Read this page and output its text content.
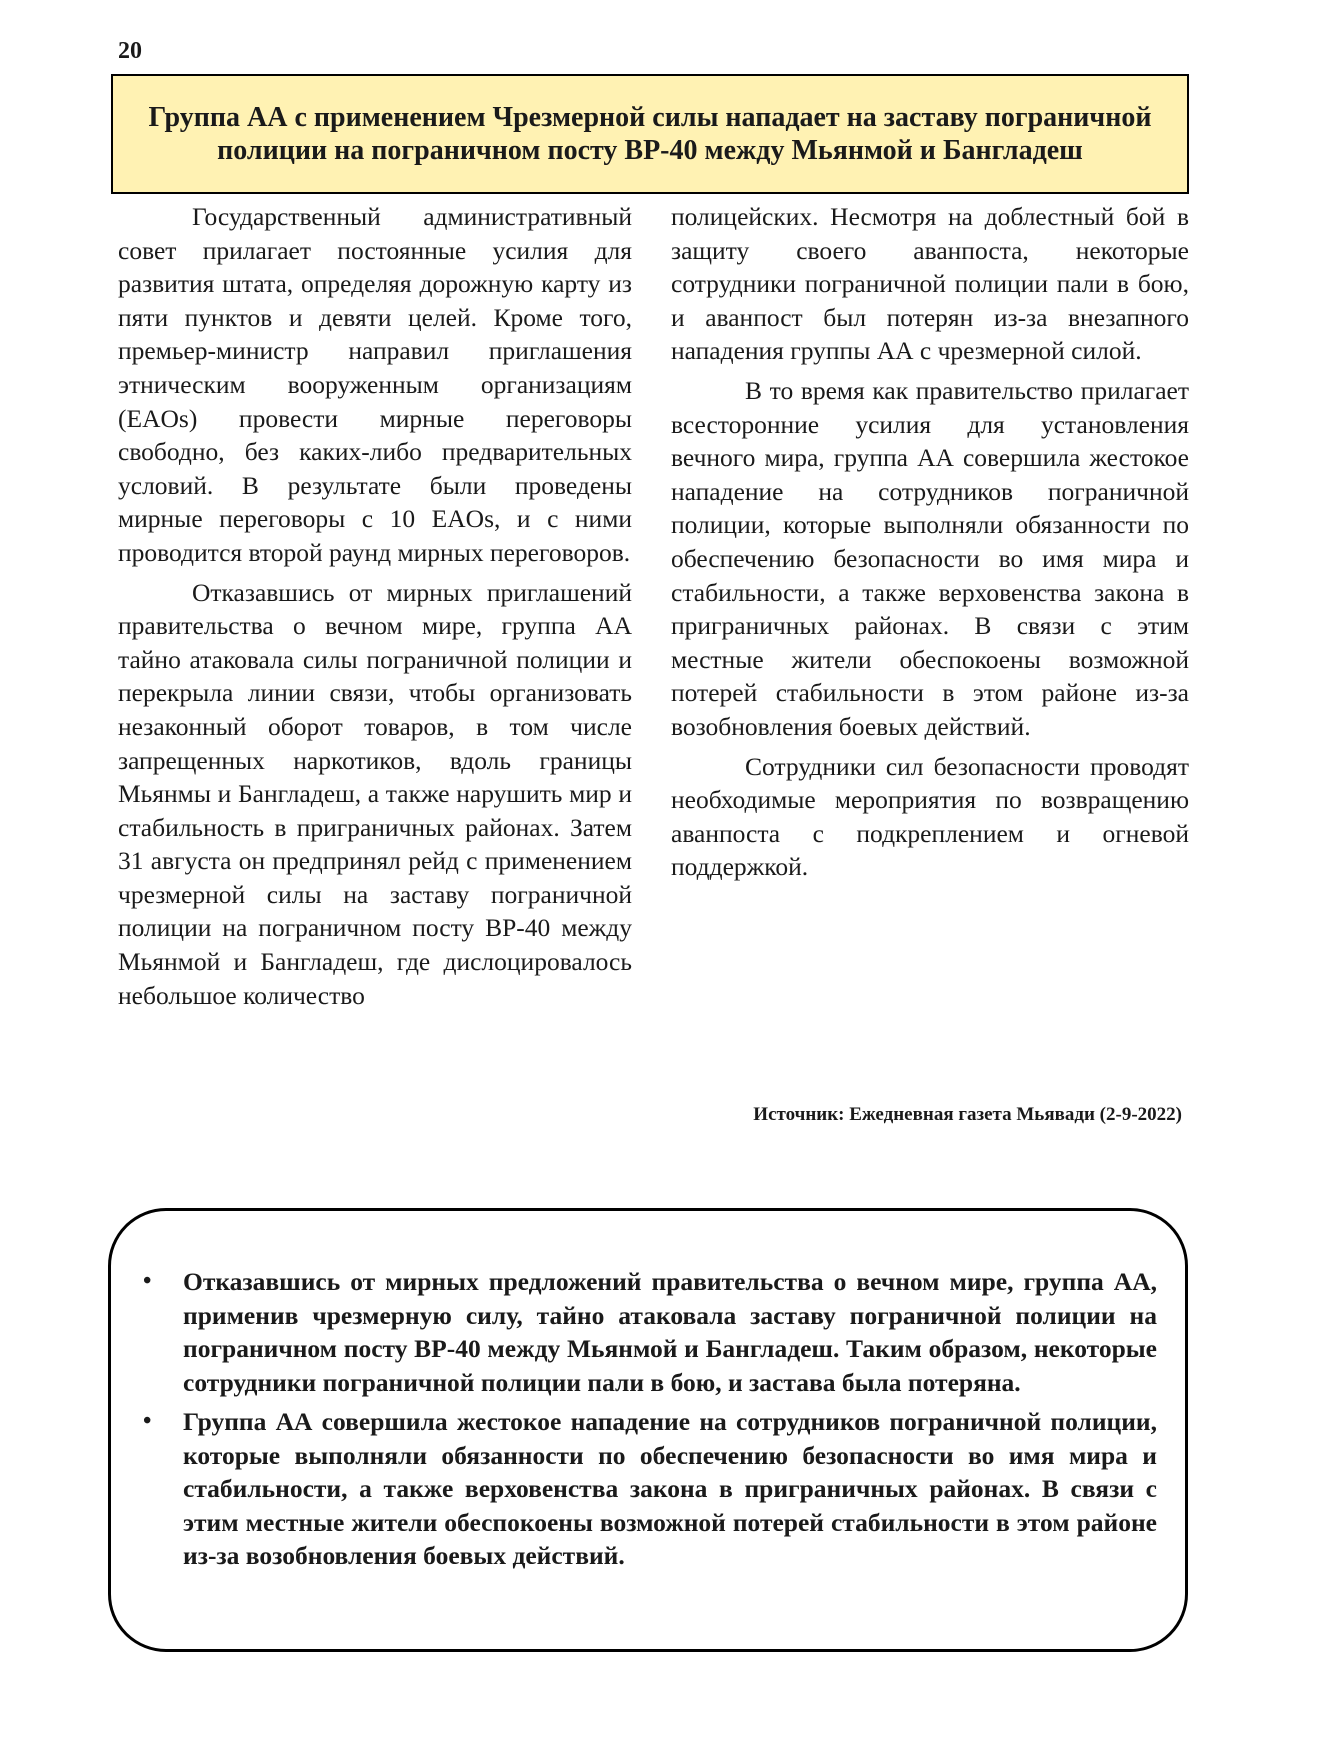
20
Группа АА с применением Чрезмерной силы нападает на заставу пограничной полиции на пограничном посту ВР-40 между Мьянмой и Бангладеш

Государственный административный совет прилагает постоянные усилия для развития штата, определяя дорожную карту из пяти пунктов и девяти целей. Кроме того, премьер-министр направил приглашения этническим вооруженным организациям (EAOs) провести мирные переговоры свободно, без каких-либо предварительных условий. В результате были проведены мирные переговоры с 10 EAOs, и с ними проводится второй раунд мирных переговоров.

Отказавшись от мирных приглашений правительства о вечном мире, группа АА тайно атаковала силы пограничной полиции и перекрыла линии связи, чтобы организовать незаконный оборот товаров, в том числе запрещенных наркотиков, вдоль границы Мьянмы и Бангладеш, а также нарушить мир и стабильность в приграничных районах. Затем 31 августа он предпринял рейд с применением чрезмерной силы на заставу пограничной полиции на пограничном посту ВР-40 между Мьянмой и Бангладеш, где дислоцировалось небольшое количество

полицейских. Несмотря на доблестный бой в защиту своего аванпоста, некоторые сотрудники пограничной полиции пали в бою, и аванпост был потерян из-за внезапного нападения группы АА с чрезмерной силой.

В то время как правительство прилагает всесторонние усилия для установления вечного мира, группа АА совершила жестокое нападение на сотрудников пограничной полиции, которые выполняли обязанности по обеспечению безопасности во имя мира и стабильности, а также верховенства закона в приграничных районах. В связи с этим местные жители обеспокоены возможной потерей стабильности в этом районе из-за возобновления боевых действий.

Сотрудники сил безопасности проводят необходимые мероприятия по возвращению аванпоста с подкреплением и огневой поддержкой.

Источник: Ежедневная газета Мьявади (2-9-2022)
• Отказавшись от мирных предложений правительства о вечном мире, группа АА, применив чрезмерную силу, тайно атаковала заставу пограничной полиции на пограничном посту ВР-40 между Мьянмой и Бангладеш. Таким образом, некоторые сотрудники пограничной полиции пали в бою, и застава была потеряна.
• Группа АА совершила жестокое нападение на сотрудников пограничной полиции, которые выполняли обязанности по обеспечению безопасности во имя мира и стабильности, а также верховенства закона в приграничных районах. В связи с этим местные жители обеспокоены возможной потерей стабильности в этом районе из-за возобновления боевых действий.
